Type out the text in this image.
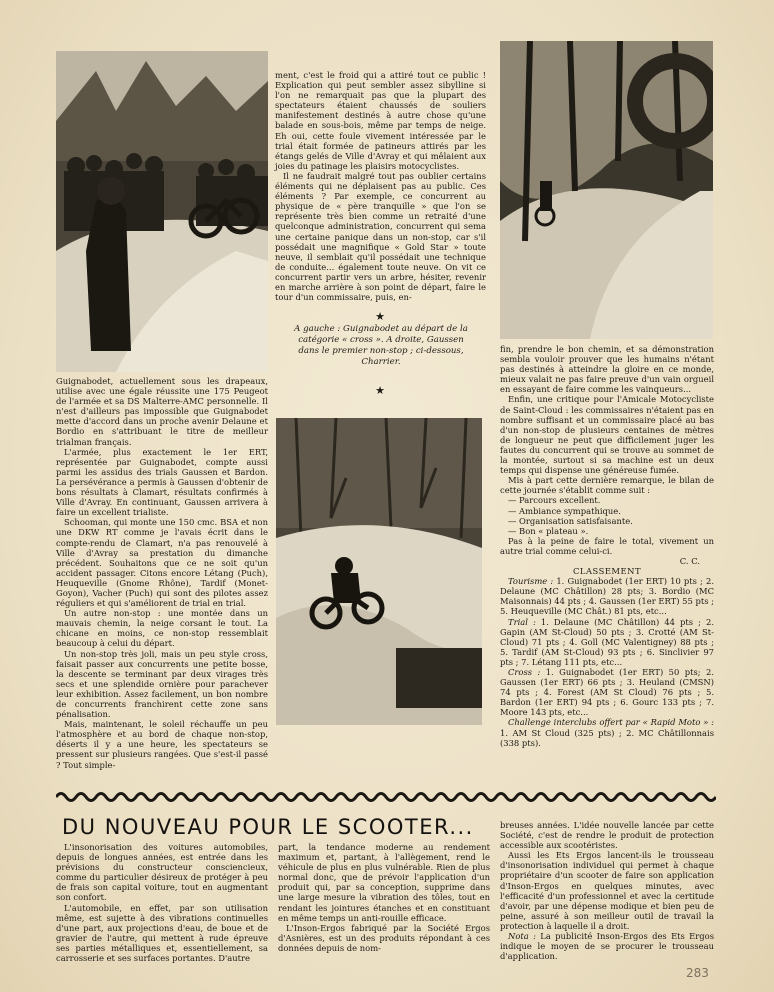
ment, c'est le froid qui a attiré tout ce public ! Explication qui peut sembler assez sibylline si l'on ne remarquait pas que la plupart des spectateurs étaient chaussés de souliers manifestement destinés à autre chose qu'une balade en sous-bois, même par temps de neige. Eh oui, cette foule vivement intéressée par le trial était formée de patineurs attirés par les étangs gelés de Ville d'Avray et qui mêlaient aux joies du patinage les plaisirs motocyclistes.

Il ne faudrait malgré tout pas oublier certains éléments qui ne déplaisent pas au public. Ces éléments ? Par exemple, ce concurrent au physique de « père tranquille » que l'on se représente très bien comme un retraité d'une quelconque administration, concurrent qui sema une certaine panique dans un non-stop, car s'il possédait une magnifique « Gold Star » toute neuve, il semblait qu'il possédait une technique de conduite... également toute neuve. On vit ce concurrent partir vers un arbre, hésiter, revenir en marche arrière à son point de départ, faire le tour d'un commissaire, puis, en-

★
A gauche : Guignabodet au départ de la catégorie « cross ». A droite, Gaussen dans le premier non-stop ; ci-dessous, Charrier.
★

Guignabodet, actuellement sous les drapeaux, utilise avec une égale réussite une 175 Peugeot de l'armée et sa DS Malterre-AMC personnelle. Il n'est d'ailleurs pas impossible que Guignabodet mette d'accord dans un proche avenir Delaune et Bordio en s'attribuant le titre de meilleur trialman français.

L'armée, plus exactement le 1er ERT, représentée par Guignabodet, compte aussi parmi les assidus des trials Gaussen et Bardon. La persévérance a permis à Gaussen d'obtenir de bons résultats à Clamart, résultats confirmés à Ville d'Avray. En continuant, Gaussen arrivera à faire un excellent trialiste.

Schooman, qui monte une 150 cmc. BSA et non une DKW RT comme je l'avais écrit dans le compte-rendu de Clamart, n'a pas renouvelé à Ville d'Avray sa prestation du dimanche précédent. Souhaitons que ce ne soit qu'un accident passager. Citons encore Létang (Puch), Heuqueville (Gnome Rhône), Tardif (Monet-Goyon), Vacher (Puch) qui sont des pilotes assez réguliers et qui s'améliorent de trial en trial.

Un autre non-stop : une montée dans un mauvais chemin, la neige corsant le tout. La chicane en moins, ce non-stop ressemblait beaucoup à celui du départ.

Un non-stop très joli, mais un peu style cross, faisait passer aux concurrents une petite bosse, la descente se terminant par deux virages très secs et une splendide ornière pour parachever leur exhibition. Assez facilement, un bon nombre de concurrents franchirent cette zone sans pénalisation.

Mais, maintenant, le soleil réchauffe un peu l'atmosphère et au bord de chaque non-stop, déserts il y a une heure, les spectateurs se pressent sur plusieurs rangées. Que s'est-il passé ? Tout simple-

fin, prendre le bon chemin, et sa démonstration sembla vouloir prouver que les humains n'étant pas destinés à atteindre la gloire en ce monde, mieux valait ne pas faire preuve d'un vain orgueil en essayant de faire comme les vainqueurs...

Enfin, une critique pour l'Amicale Motocycliste de Saint-Cloud : les commissaires n'étaient pas en nombre suffisant et un commissaire placé au bas d'un non-stop de plusieurs centaines de mètres de longueur ne peut que difficilement juger les fautes du concurrent qui se trouve au sommet de la montée, surtout si sa machine est un deux temps qui dispense une généreuse fumée.

Mis à part cette dernière remarque, le bilan de cette journée s'établit comme suit :

— Parcours excellent.

— Ambiance sympathique.

— Organisation satisfaisante.

— Bon « plateau ».

Pas à la peine de faire le total, vivement un autre trial comme celui-ci.

C. C.

CLASSEMENT

Tourisme : 1. Guignabodet (1er ERT) 10 pts ; 2. Delaune (MC Châtillon) 28 pts; 3. Bordio (MC Maisonnais) 44 pts ; 4. Gaussen (1er ERT) 55 pts ; 5. Heuqueville (MC Chât.) 81 pts, etc...

Trial : 1. Delaune (MC Châtillon) 44 pts ; 2. Gapin (AM St-Cloud) 50 pts ; 3. Crotté (AM St-Cloud) 71 pts ; 4. Goll (MC Valentigney) 88 pts ; 5. Tardif (AM St-Cloud) 93 pts ; 6. Sinclivier 97 pts ; 7. Létang 111 pts, etc...

Cross : 1. Guignabodet (1er ERT) 50 pts; 2. Gaussen (1er ERT) 66 pts ; 3. Heuland (CMSN) 74 pts ; 4. Forest (AM St Cloud) 76 pts ; 5. Bardon (1er ERT) 94 pts ; 6. Gourc 133 pts ; 7. Moore 143 pts, etc...

Challenge interclubs offert par « Rapid Moto » : 1. AM St Cloud (325 pts) ; 2. MC Châtillonnais (338 pts).

DU NOUVEAU POUR LE SCOOTER...

L'insonorisation des voitures automobiles, depuis de longues années, est entrée dans les prévisions du constructeur consciencieux, comme du particulier désireux de protéger à peu de frais son capital voiture, tout en augmentant son confort.

L'automobile, en effet, par son utilisation même, est sujette à des vibrations continuelles d'une part, aux projections d'eau, de boue et de gravier de l'autre, qui mettent à rude épreuve ses parties métalliques et, essentiellement, sa carrosserie et ses surfaces portantes. D'autre

part, la tendance moderne au rendement maximum et, partant, à l'allègement, rend le véhicule de plus en plus vulnérable. Rien de plus normal donc, que de prévoir l'application d'un produit qui, par sa conception, supprime dans une large mesure la vibration des tôles, tout en rendant les jointures étanches et en constituant en même temps un anti-rouille efficace.

L'Inson-Ergos fabriqué par la Société Ergos d'Asnières, est un des produits répondant à ces données depuis de nom-

breuses années. L'idée nouvelle lancée par cette Société, c'est de rendre le produit de protection accessible aux scootéristes.

Aussi les Ets Ergos lancent-ils le trousseau d'insonorisation individuel qui permet à chaque propriétaire d'un scooter de faire son application d'Inson-Ergos en quelques minutes, avec l'efficacité d'un professionnel et avec la certitude d'avoir, par une dépense modique et bien peu de peine, assuré à son meilleur outil de travail la protection à laquelle il a droit.

Nota : La publicité Inson-Ergos des Ets Ergos indique le moyen de se procurer le trousseau d'application.

283
